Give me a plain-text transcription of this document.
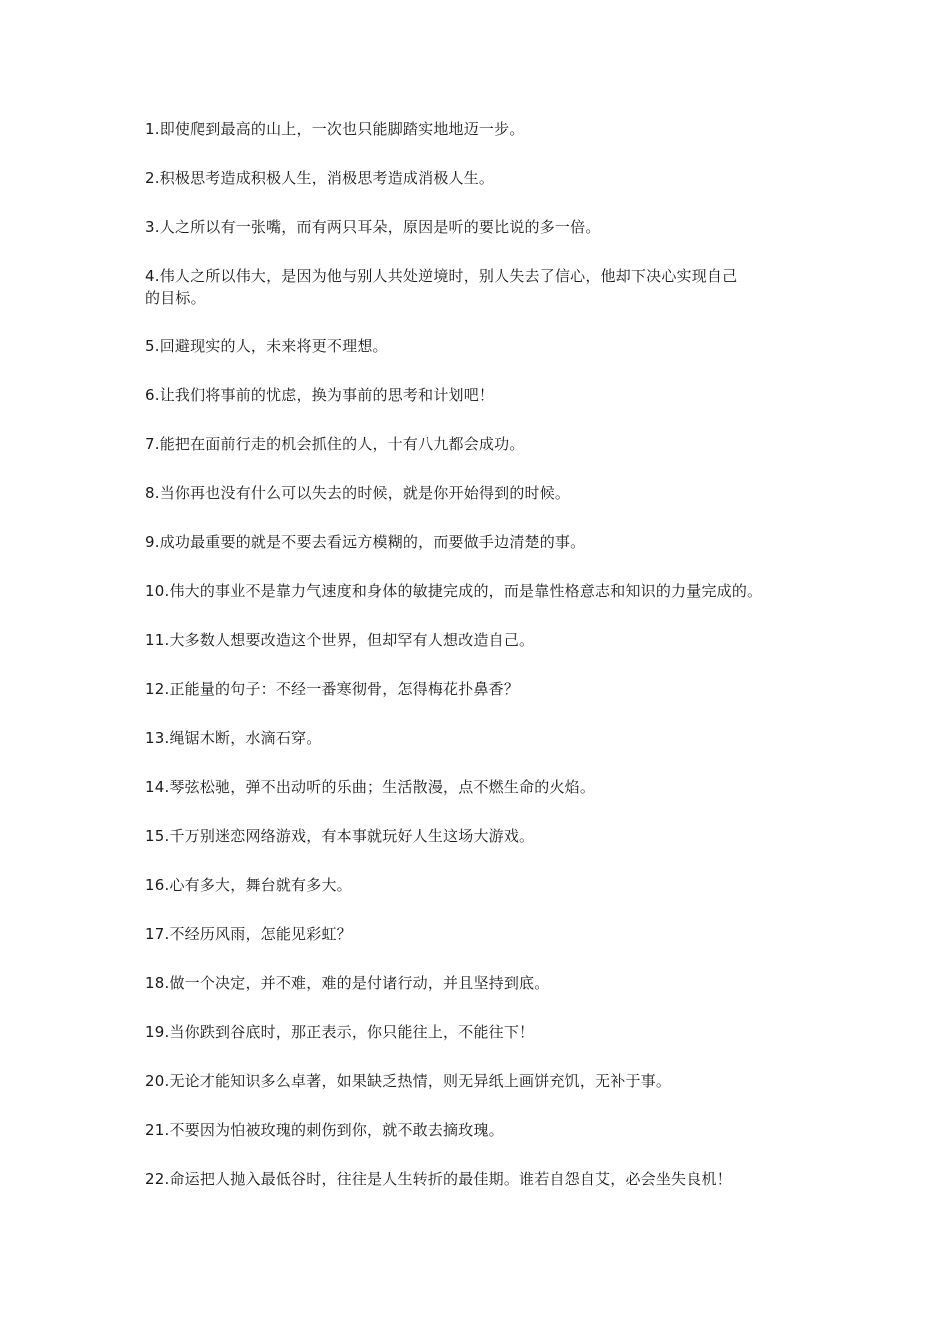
1.即使爬到最高的山上，一次也只能脚踏实地地迈一步。

2.积极思考造成积极人生，消极思考造成消极人生。

3.人之所以有一张嘴，而有两只耳朵，原因是听的要比说的多一倍。

4.伟人之所以伟大，是因为他与别人共处逆境时，别人失去了信心，他却下决心实现自己
的目标。

5.回避现实的人，未来将更不理想。

6.让我们将事前的忧虑，换为事前的思考和计划吧！

7.能把在面前行走的机会抓住的人，十有八九都会成功。

8.当你再也没有什么可以失去的时候，就是你开始得到的时候。

9.成功最重要的就是不要去看远方模糊的，而要做手边清楚的事。

10.伟大的事业不是靠力气速度和身体的敏捷完成的，而是靠性格意志和知识的力量完成的。

11.大多数人想要改造这个世界，但却罕有人想改造自己。

12.正能量的句子：不经一番寒彻骨，怎得梅花扑鼻香？

13.绳锯木断，水滴石穿。

14.琴弦松驰，弹不出动听的乐曲；生活散漫，点不燃生命的火焰。

15.千万别迷恋网络游戏，有本事就玩好人生这场大游戏。

16.心有多大，舞台就有多大。

17.不经历风雨，怎能见彩虹？

18.做一个决定，并不难，难的是付诸行动，并且坚持到底。

19.当你跌到谷底时，那正表示，你只能往上，不能往下！

20.无论才能知识多么卓著，如果缺乏热情，则无异纸上画饼充饥，无补于事。

21.不要因为怕被玫瑰的刺伤到你，就不敢去摘玫瑰。

22.命运把人抛入最低谷时，往往是人生转折的最佳期。谁若自怨自艾，必会坐失良机！
